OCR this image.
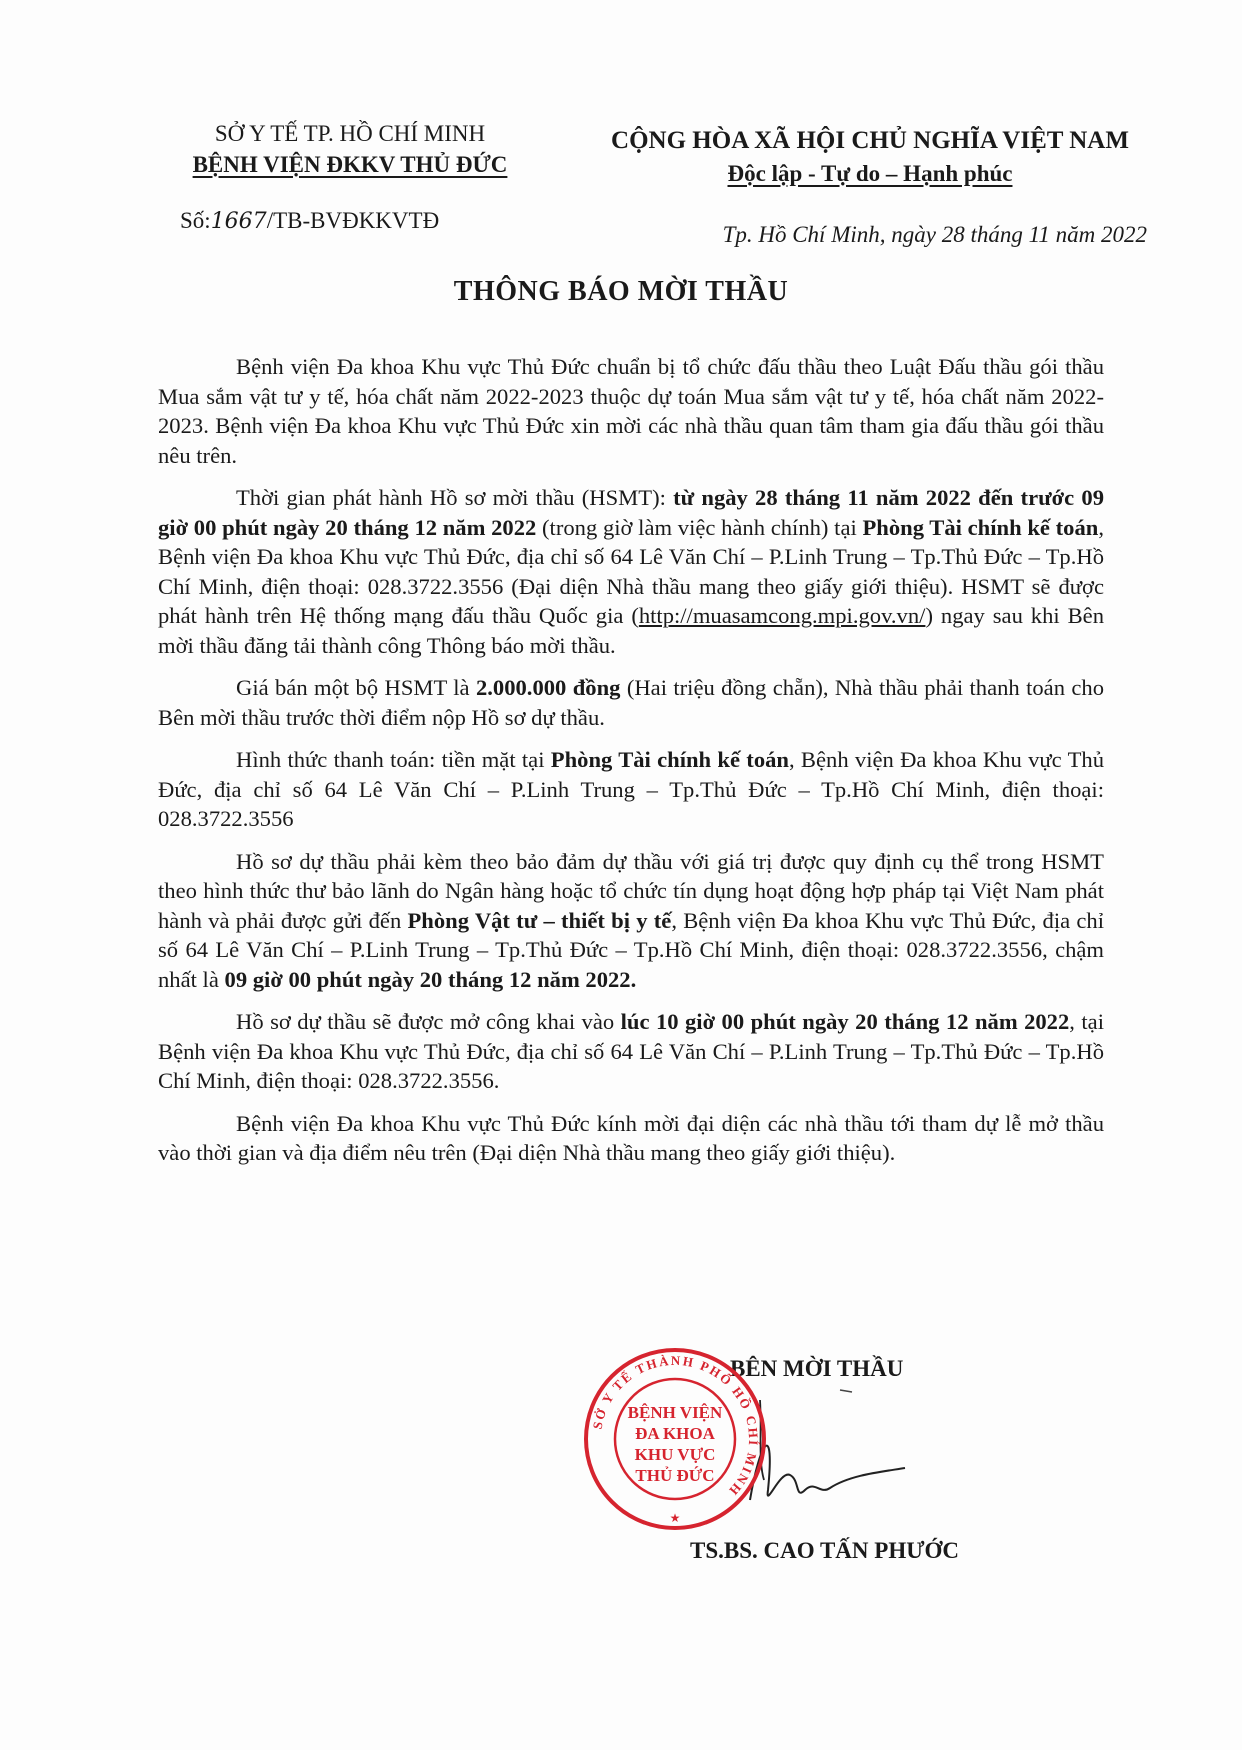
SỞ Y TẾ TP. HỒ CHÍ MINH
BỆNH VIỆN ĐKKV THỦ ĐỨC
CỘNG HÒA XÃ HỘI CHỦ NGHĨA VIỆT NAM
Độc lập - Tự do – Hạnh phúc
Số:1667/TB-BVĐKKVTĐ
Tp. Hồ Chí Minh, ngày 28 tháng 11 năm 2022
THÔNG BÁO MỜI THẦU

Bệnh viện Đa khoa Khu vực Thủ Đức chuẩn bị tổ chức đấu thầu theo Luật Đấu thầu gói thầu Mua sắm vật tư y tế, hóa chất năm 2022-2023 thuộc dự toán Mua sắm vật tư y tế, hóa chất năm 2022-2023. Bệnh viện Đa khoa Khu vực Thủ Đức xin mời các nhà thầu quan tâm tham gia đấu thầu gói thầu nêu trên.

Thời gian phát hành Hồ sơ mời thầu (HSMT): từ ngày 28 tháng 11 năm 2022 đến trước 09 giờ 00 phút ngày 20 tháng 12 năm 2022 (trong giờ làm việc hành chính) tại Phòng Tài chính kế toán, Bệnh viện Đa khoa Khu vực Thủ Đức, địa chỉ số 64 Lê Văn Chí – P.Linh Trung – Tp.Thủ Đức – Tp.Hồ Chí Minh, điện thoại: 028.3722.3556 (Đại diện Nhà thầu mang theo giấy giới thiệu). HSMT sẽ được phát hành trên Hệ thống mạng đấu thầu Quốc gia (http://muasamcong.mpi.gov.vn/) ngay sau khi Bên mời thầu đăng tải thành công Thông báo mời thầu.

Giá bán một bộ HSMT là 2.000.000 đồng (Hai triệu đồng chẵn), Nhà thầu phải thanh toán cho Bên mời thầu trước thời điểm nộp Hồ sơ dự thầu.

Hình thức thanh toán: tiền mặt tại Phòng Tài chính kế toán, Bệnh viện Đa khoa Khu vực Thủ Đức, địa chỉ số 64 Lê Văn Chí – P.Linh Trung – Tp.Thủ Đức – Tp.Hồ Chí Minh, điện thoại: 028.3722.3556

Hồ sơ dự thầu phải kèm theo bảo đảm dự thầu với giá trị được quy định cụ thể trong HSMT theo hình thức thư bảo lãnh do Ngân hàng hoặc tổ chức tín dụng hoạt động hợp pháp tại Việt Nam phát hành và phải được gửi đến Phòng Vật tư – thiết bị y tế, Bệnh viện Đa khoa Khu vực Thủ Đức, địa chỉ số 64 Lê Văn Chí – P.Linh Trung – Tp.Thủ Đức – Tp.Hồ Chí Minh, điện thoại: 028.3722.3556, chậm nhất là 09 giờ 00 phút ngày 20 tháng 12 năm 2022.

Hồ sơ dự thầu sẽ được mở công khai vào lúc 10 giờ 00 phút ngày 20 tháng 12 năm 2022, tại Bệnh viện Đa khoa Khu vực Thủ Đức, địa chỉ số 64 Lê Văn Chí – P.Linh Trung – Tp.Thủ Đức – Tp.Hồ Chí Minh, điện thoại: 028.3722.3556.

Bệnh viện Đa khoa Khu vực Thủ Đức kính mời đại diện các nhà thầu tới tham dự lễ mở thầu vào thời gian và địa điểm nêu trên (Đại diện Nhà thầu mang theo giấy giới thiệu).

BÊN MỜI THẦU
SỞ Y TẾ THÀNH PHỐ HỒ CHÍ MINH
BỆNH VIỆN
ĐA KHOA
KHU VỰC
THỦ ĐỨC
★
TS.BS. CAO TẤN PHƯỚC
